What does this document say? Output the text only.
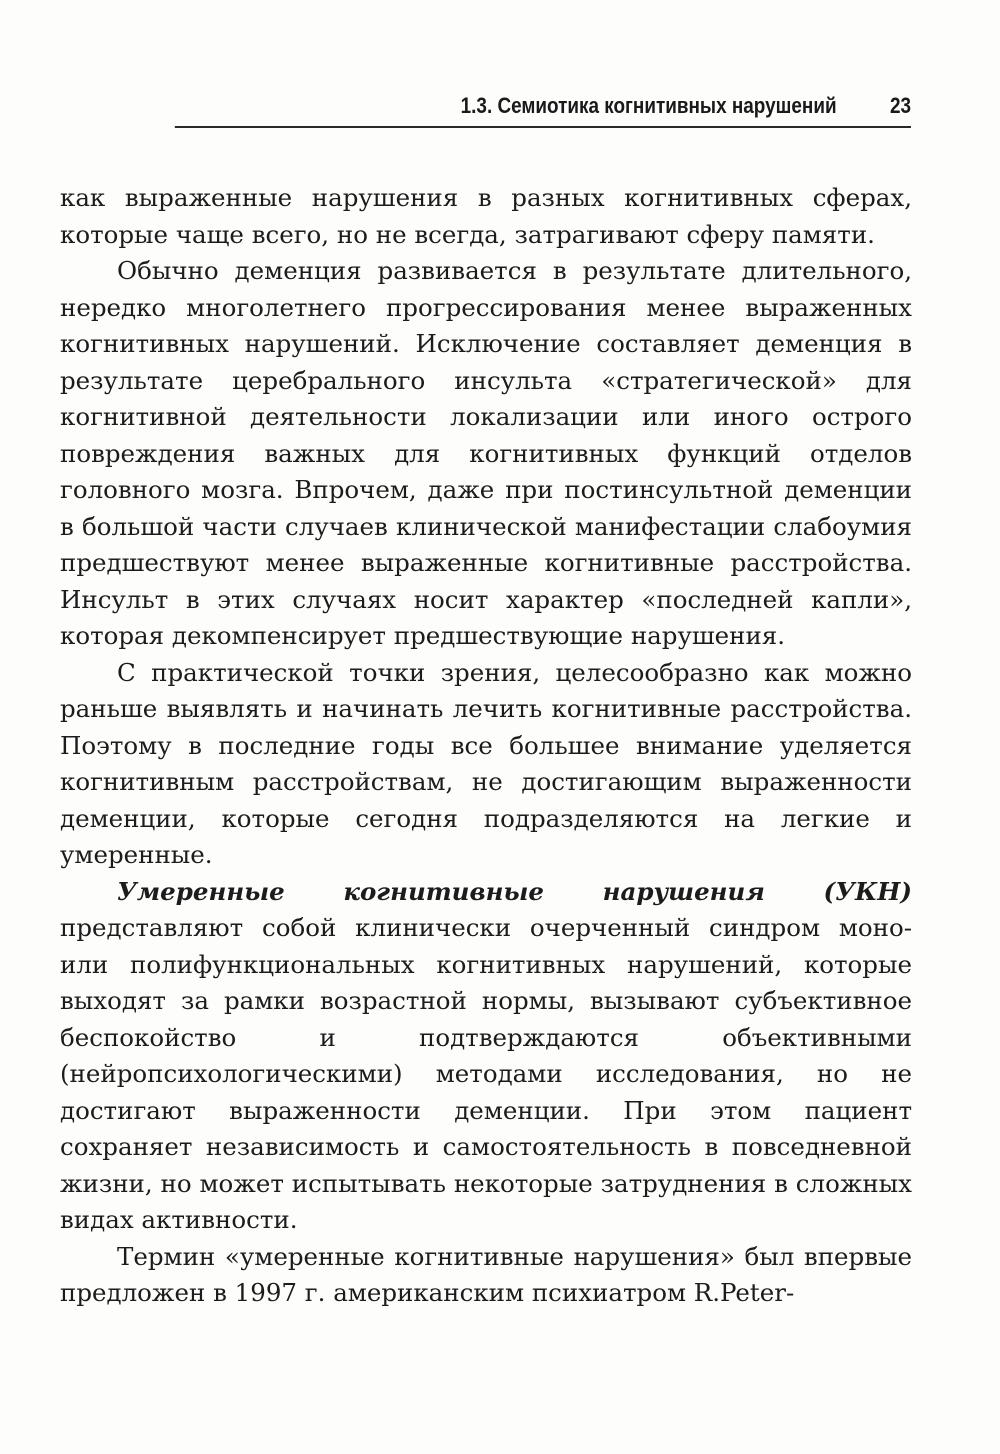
1.3. Семиотика когнитивных нарушений 23

как выраженные нарушения в разных когнитивных сферах, которые чаще всего, но не всегда, затрагивают сферу памяти.

Обычно деменция развивается в результате длительного, нередко многолетнего прогрессирования менее выраженных когнитивных нарушений. Исключение составляет деменция в результате церебрального инсульта «стратегической» для когнитивной деятельности локализации или иного острого повреждения важных для когнитивных функций отделов головного мозга. Впрочем, даже при постинсультной деменции в большой части случаев клинической манифестации слабоумия предшествуют менее выраженные когнитивные расстройства. Инсульт в этих случаях носит характер «последней капли», которая декомпенсирует предшествующие нарушения.

С практической точки зрения, целесообразно как можно раньше выявлять и начинать лечить когнитивные расстройства. Поэтому в последние годы все большее внимание уделяется когнитивным расстройствам, не достигающим выраженности деменции, которые сегодня подразделяются на легкие и умеренные.

Умеренные когнитивные нарушения (УКН) представляют собой клинически очерченный синдром моно- или полифункциональных когнитивных нарушений, которые выходят за рамки возрастной нормы, вызывают субъективное беспокойство и подтверждаются объективными (нейропсихологическими) методами исследования, но не достигают выраженности деменции. При этом пациент сохраняет независимость и самостоятельность в повседневной жизни, но может испытывать некоторые затруднения в сложных видах активности.

Термин «умеренные когнитивные нарушения» был впервые предложен в 1997 г. американским психиатром R.Peter-
